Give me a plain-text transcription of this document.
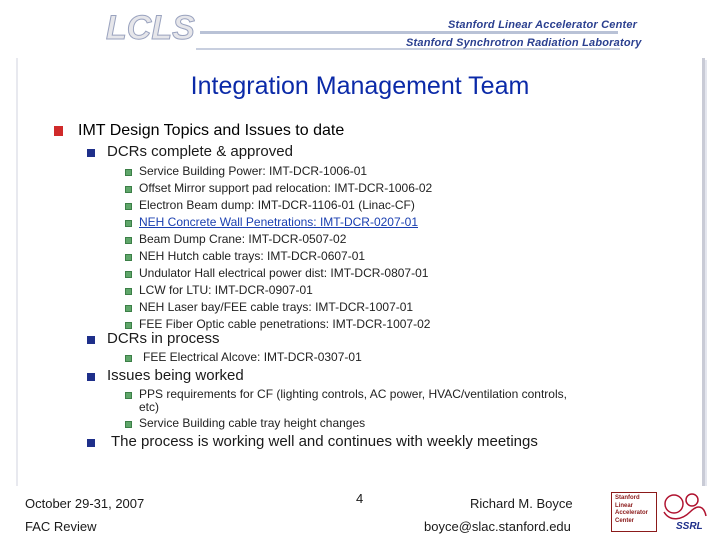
LCLS	Stanford Linear Accelerator Center
Stanford Synchrotron Radiation Laboratory
Integration Management Team
IMT Design Topics and Issues to date
DCRs complete & approved
Service Building Power: IMT-DCR-1006-01
Offset Mirror support pad relocation: IMT-DCR-1006-02
Electron Beam dump: IMT-DCR-1106-01 (Linac-CF)
NEH Concrete Wall Penetrations: IMT-DCR-0207-01
Beam Dump Crane: IMT-DCR-0507-02
NEH Hutch cable trays: IMT-DCR-0607-01
Undulator Hall electrical power dist: IMT-DCR-0807-01
LCW for LTU: IMT-DCR-0907-01
NEH Laser bay/FEE cable trays: IMT-DCR-1007-01
FEE Fiber Optic cable penetrations: IMT-DCR-1007-02
DCRs in process
FEE Electrical Alcove: IMT-DCR-0307-01
Issues being worked
PPS requirements for CF (lighting controls, AC power, HVAC/ventilation controls,
etc)
Service Building cable tray height changes
The process is working well and continues with weekly meetings
October 29-31, 2007
FAC Review
4	Richard M. Boyce
boyce@slac.stanford.edu
Stanford
Linear
Accelerator
Center
SSRL
